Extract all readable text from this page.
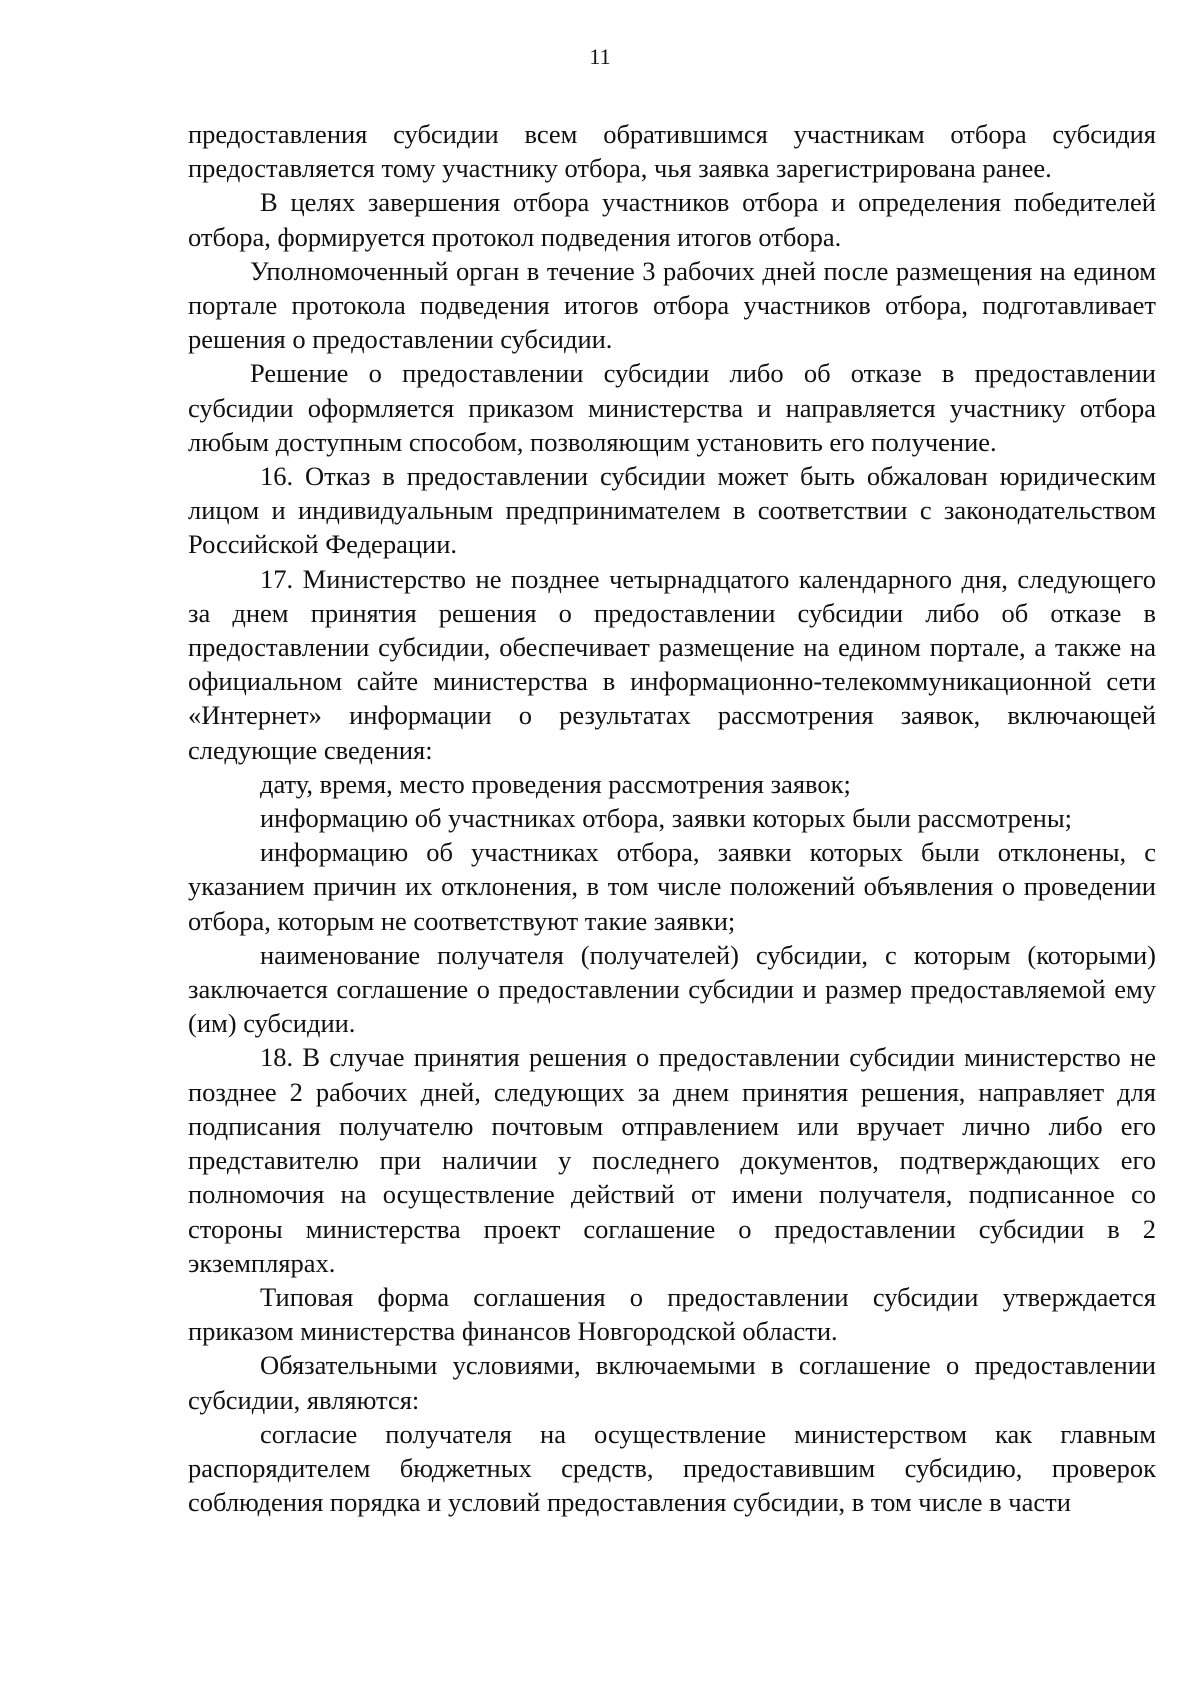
11

предоставления субсидии всем обратившимся участникам отбора субсидия предоставляется тому участнику отбора, чья заявка зарегистрирована ранее.

В целях завершения отбора участников отбора и определения победителей отбора, формируется протокол подведения итогов отбора.

Уполномоченный орган в течение 3 рабочих дней после размещения на едином портале протокола подведения итогов отбора участников отбора, подготавливает решения о предоставлении субсидии.

Решение о предоставлении субсидии либо об отказе в предоставлении субсидии оформляется приказом министерства и направляется участнику отбора любым доступным способом, позволяющим установить его получение.

16. Отказ в предоставлении субсидии может быть обжалован юридическим лицом и индивидуальным предпринимателем в соответствии с законодательством Российской Федерации.

17. Министерство не позднее четырнадцатого календарного дня, следующего за днем принятия решения о предоставлении субсидии либо об отказе в предоставлении субсидии, обеспечивает размещение на едином портале, а также на официальном сайте министерства в информационно-телекоммуникационной сети «Интернет» информации о результатах рассмотрения заявок, включающей следующие сведения:

дату, время, место проведения рассмотрения заявок;

информацию об участниках отбора, заявки которых были рассмотрены;

информацию об участниках отбора, заявки которых были отклонены, с указанием причин их отклонения, в том числе положений объявления о проведении отбора, которым не соответствуют такие заявки;

наименование получателя (получателей) субсидии, с которым (которыми) заключается соглашение о предоставлении субсидии и размер предоставляемой ему (им) субсидии.

18. В случае принятия решения о предоставлении субсидии министерство не позднее 2 рабочих дней, следующих за днем принятия решения, направляет для подписания получателю почтовым отправлением или вручает лично либо его представителю при наличии у последнего документов, подтверждающих его полномочия на осуществление действий от имени получателя, подписанное со стороны министерства проект соглашение о предоставлении субсидии в 2 экземплярах.

Типовая форма соглашения о предоставлении субсидии утверждается приказом министерства финансов Новгородской области.

Обязательными условиями, включаемыми в соглашение о предоставлении субсидии, являются:

согласие получателя на осуществление министерством как главным распорядителем бюджетных средств, предоставившим субсидию, проверок соблюдения порядка и условий предоставления субсидии, в том числе в части
